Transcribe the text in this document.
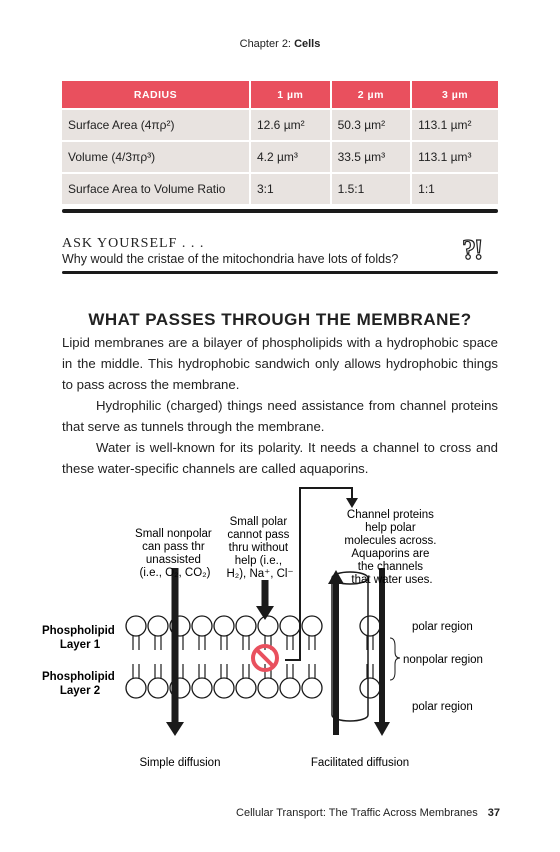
Chapter 2: Cells
RADIUS	1 µm	2 µm	3 µm
Surface Area (4πρ²)	12.6 µm²	50.3 µm²	113.1 µm²
Volume (4/3πρ³)	4.2 µm³	33.5 µm³	113.1 µm³
Surface Area to Volume Ratio	3:1	1.5:1	1:1
ASK YOURSELF . . .
Why would the cristae of the mitochondria have lots of folds? ?!
WHAT PASSES THROUGH THE MEMBRANE?
Lipid membranes are a bilayer of phospholipids with a hydrophobic space in the middle. This hydrophobic sandwich only allows hydrophobic things to pass across the membrane.
Hydrophilic (charged) things need assistance from channel proteins that serve as tunnels through the membrane.
Water is well-known for its polarity. It needs a channel to cross and these water-specific channels are called aquaporins.
Small nonpolar can pass thr unassisted (i.e., O₂, CO₂)
Small polar cannot pass thru without help (i.e., H₂), Na⁺, Cl⁻
Channel proteins help polar molecules across. Aquaporins are the channels that water uses.
Phospholipid Layer 1
Phospholipid Layer 2
polar region
nonpolar region
polar region
Simple diffusion	Facilitated diffusion
Cellular Transport: The Traffic Across Membranes 37
